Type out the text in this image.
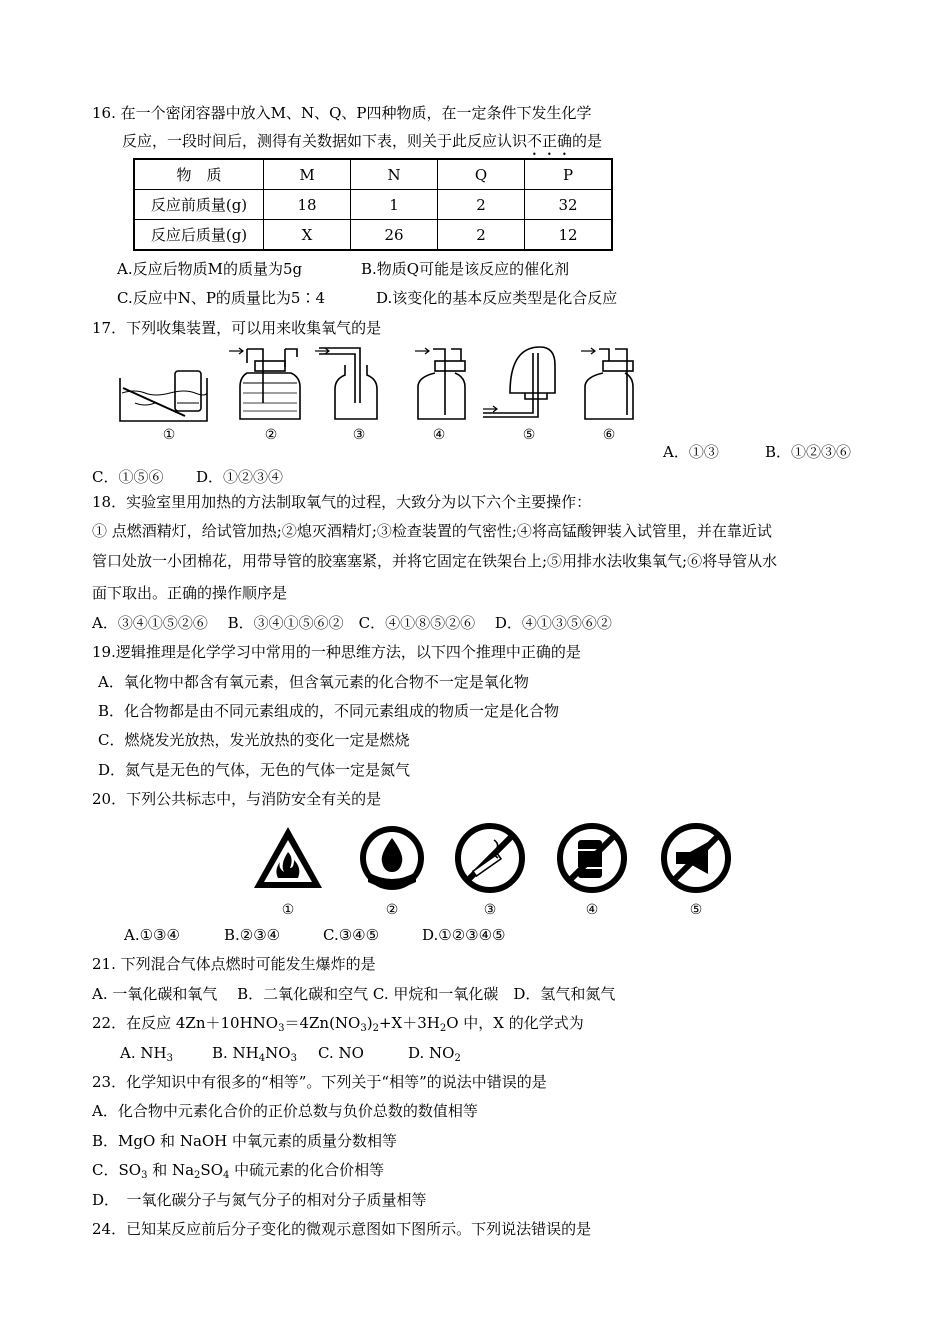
16. 在一个密闭容器中放入M、N、Q、P四种物质，在一定条件下发生化学
反应，一段时间后，测得有关数据如下表，则关于此反应认识不正确的是
物　质	M	N	Q	P
反应前质量(g)	18	1	2	32
反应后质量(g)	X	26	2	12
A.反应后物质M的质量为5g	B.物质Q可能是该反应的催化剂
C.反应中N、P的质量比为5∶4	D.该变化的基本反应类型是化合反应
17．下列收集装置，可以用来收集氧气的是
①	②	③	④	⑤	⑥
A．①③	B．①②③⑥
C．①⑤⑥ D．①②③④
18．实验室里用加热的方法制取氧气的过程，大致分为以下六个主要操作：
① 点燃酒精灯，给试管加热;②熄灭酒精灯;③检查装置的气密性;④将高锰酸钾装入试管里，并在靠近试
管口处放一小团棉花，用带导管的胶塞塞紧，并将它固定在铁架台上;⑤用排水法收集氧气;⑥将导管从水
面下取出。正确的操作顺序是
A．③④①⑤②⑥　 B．③④①⑤⑥②　C．④①⑧⑤②⑥　 D．④①③⑤⑥②
19.逻辑推理是化学学习中常用的一种思维方法，以下四个推理中正确的是
A．氧化物中都含有氧元素，但含氧元素的化合物不一定是氧化物
B．化合物都是由不同元素组成的，不同元素组成的物质一定是化合物
C．燃烧发光放热，发光放热的变化一定是燃烧
D．氮气是无色的气体，无色的气体一定是氮气
20．下列公共标志中，与消防安全有关的是
①	②	③	④	⑤
A.①③④	B.②③④	C.③④⑤	D.①②③④⑤
21. 下列混合气体点燃时可能发生爆炸的是
A. 一氧化碳和氧气　 B．二氧化碳和空气 C. 甲烷和一氧化碳　D．氢气和氮气
22．在反应 $4Zn+10HNO_3=4Zn(NO_3)_2+X+3H_2O$ 中，X 的化学式为
A. $NH_3$	B. $NH_4NO_3$ C. NO	D. $NO_2$
23．化学知识中有很多的“相等”。下列关于“相等”的说法中错误的是
A．化合物中元素化合价的正价总数与负价总数的数值相等
B．MgO 和 NaOH 中氧元素的质量分数相等
C．$SO_3$ 和 $Na_2SO_4$ 中硫元素的化合价相等
D．　一氧化碳分子与氮气分子的相对分子质量相等
24．已知某反应前后分子变化的微观示意图如下图所示。下列说法错误的是
